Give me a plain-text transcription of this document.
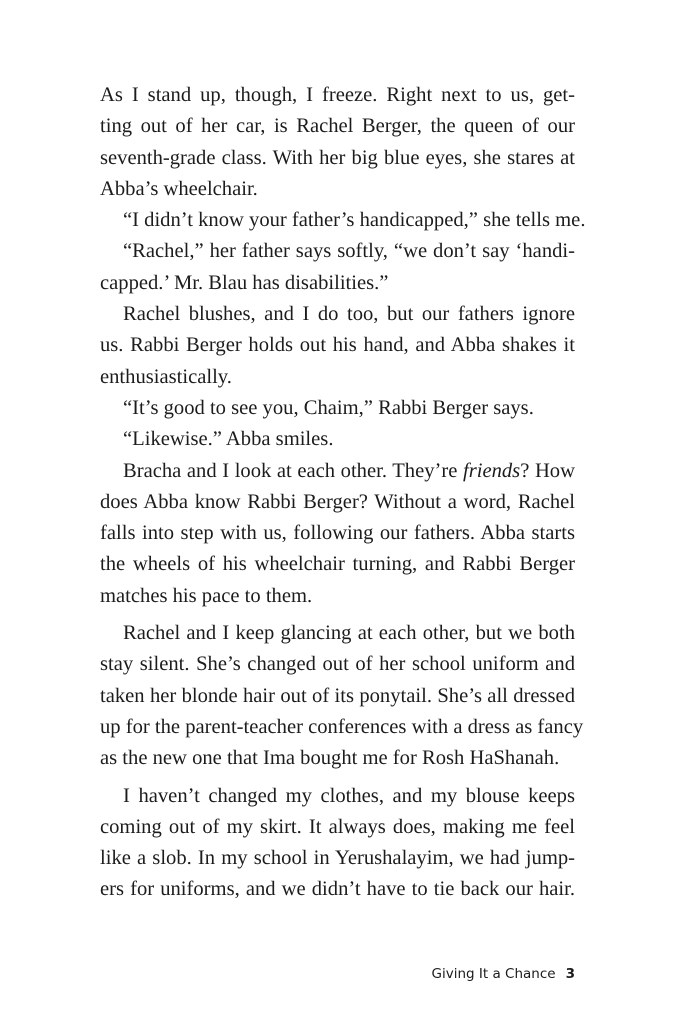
As I stand up, though, I freeze. Right next to us, get-
ting out of her car, is Rachel Berger, the queen of our
seventh-grade class. With her big blue eyes, she stares at
Abba’s wheelchair.
“I didn’t know your father’s handicapped,” she tells me.
“Rachel,” her father says softly, “we don’t say ‘handi-
capped.’ Mr. Blau has disabilities.”
Rachel blushes, and I do too, but our fathers ignore
us. Rabbi Berger holds out his hand, and Abba shakes it
enthusiastically.
“It’s good to see you, Chaim,” Rabbi Berger says.
“Likewise.” Abba smiles.
Bracha and I look at each other. They’re friends? How
does Abba know Rabbi Berger? Without a word, Rachel
falls into step with us, following our fathers. Abba starts
the wheels of his wheelchair turning, and Rabbi Berger
matches his pace to them.
Rachel and I keep glancing at each other, but we both
stay silent. She’s changed out of her school uniform and
taken her blonde hair out of its ponytail. She’s all dressed
up for the parent-teacher conferences with a dress as fancy
as the new one that Ima bought me for Rosh HaShanah.
I haven’t changed my clothes, and my blouse keeps
coming out of my skirt. It always does, making me feel
like a slob. In my school in Yerushalayim, we had jump-
ers for uniforms, and we didn’t have to tie back our hair.
Giving It a Chance 3
